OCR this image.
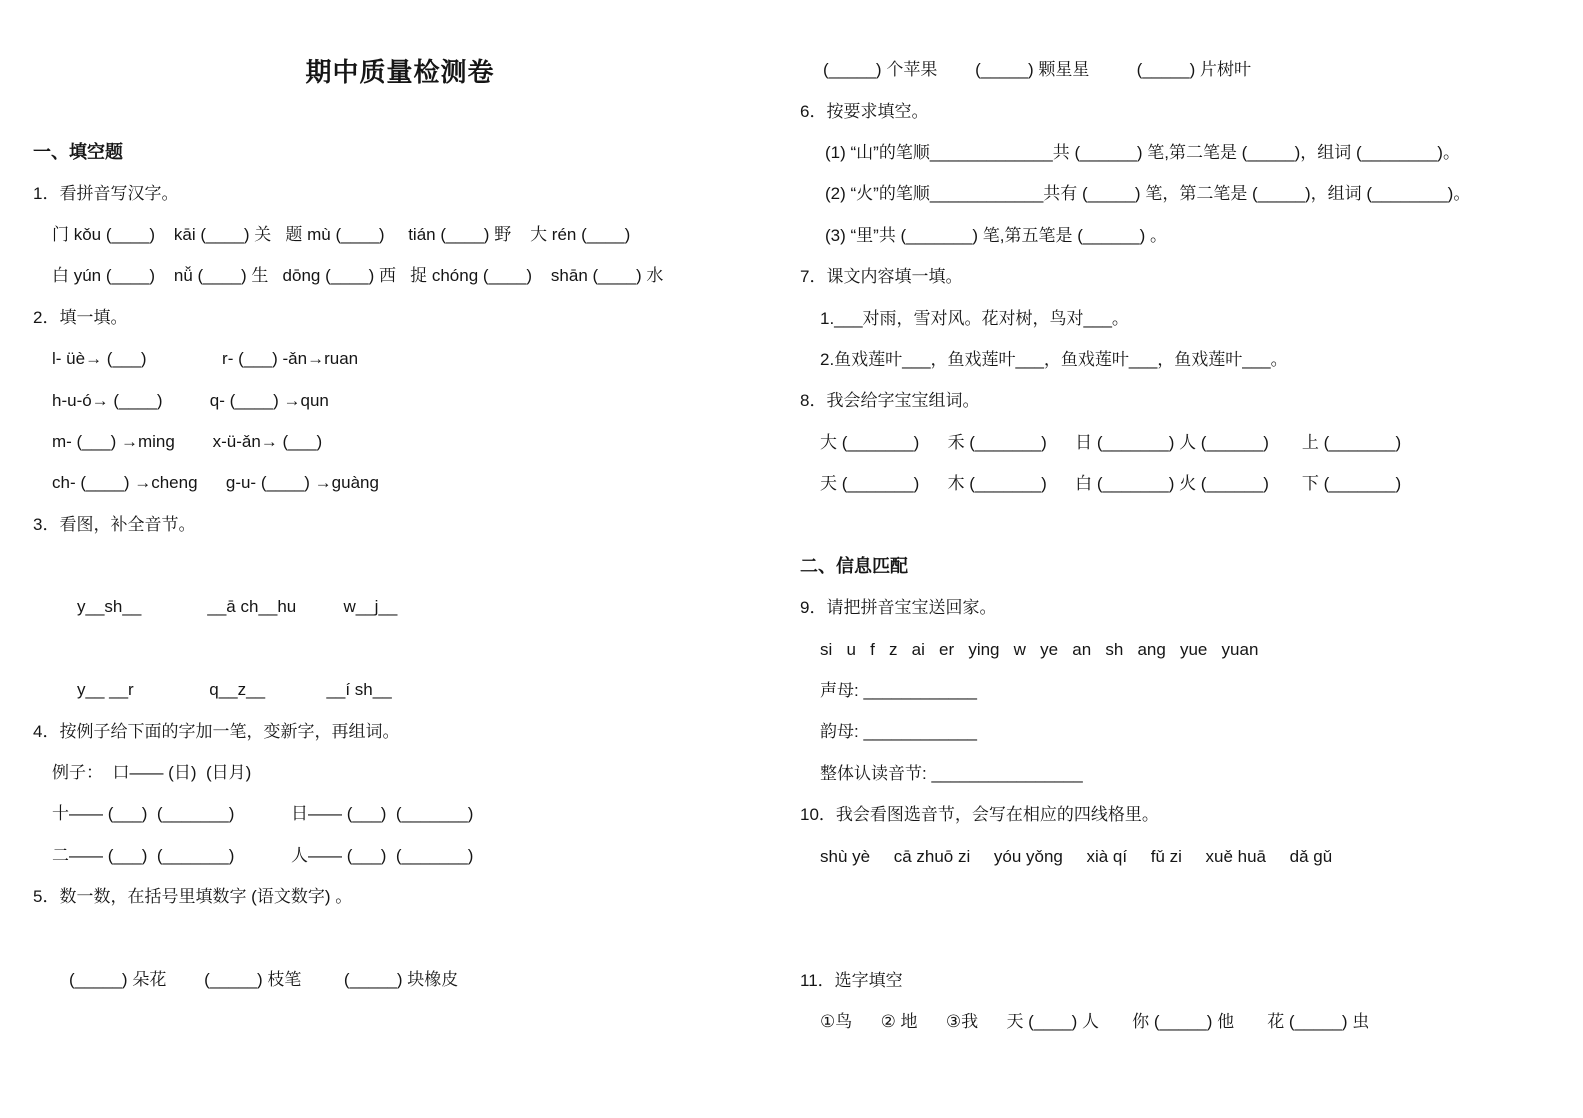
期中质量检测卷
一、填空题
1．看拼音写汉字。
门 kǒu (____)    kāi (____) 关   题 mù (____)     tián (____) 野    大 rén (____)
白 yún (____)    nǚ (____) 生   dōng (____) 西   捉 chóng (____)    shān (____) 水
2．填一填。
l- üè→ (___)                r- (___) -ǎn→ruan
h-u-ó→ (____)          q- (____) →qun
m- (___) →ming        x-ü-ǎn→ (___)
ch- (____) →cheng      g-u- (____) →guàng
3．看图，补全音节。
y__sh__              __ā ch__hu          w__j__
y__ __r                q__z__             __í sh__
4．按例子给下面的字加一笔，变新字，再组词。
例子：  口—— (日)  (日月)
十—— (___)  (_______)            日—— (___)  (_______)
二—— (___)  (_______)            人—— (___)  (_______)
5．数一数，在括号里填数字 (语文数字) 。
(_____) 朵花        (_____) 枝笔         (_____) 块橡皮
(_____) 个苹果        (_____) 颗星星          (_____) 片树叶
6．按要求填空。
(1) “山”的笔顺_____________共 (______) 笔,第二笔是 (_____)，组词 (________)。
(2) “火”的笔顺____________共有 (_____) 笔，第二笔是 (_____)，组词 (________)。
(3) “里”共 (_______) 笔,第五笔是 (______) 。
7．课文内容填一填。
1.___对雨，雪对风。花对树，鸟对___。
2.鱼戏莲叶___，鱼戏莲叶___，鱼戏莲叶___，鱼戏莲叶___。
8．我会给字宝宝组词。
大 (_______)      禾 (_______)      日 (_______) 人 (______)       上 (_______)
天 (_______)      木 (_______)      白 (_______) 火 (______)       下 (_______)
二、信息匹配
9．请把拼音宝宝送回家。
si   u   f   z   ai   er   ying   w   ye   an   sh   ang   yue   yuan
声母: ____________
韵母: ____________
整体认读音节: ________________
10．我会看图选音节，会写在相应的四线格里。
shù yè     cā zhuō zi     yóu yǒng     xià qí     fǔ zi     xuě huā     dǎ gǔ
11．选字填空
①鸟      ② 地      ③我      天 (____) 人       你 (_____) 他       花 (_____) 虫
